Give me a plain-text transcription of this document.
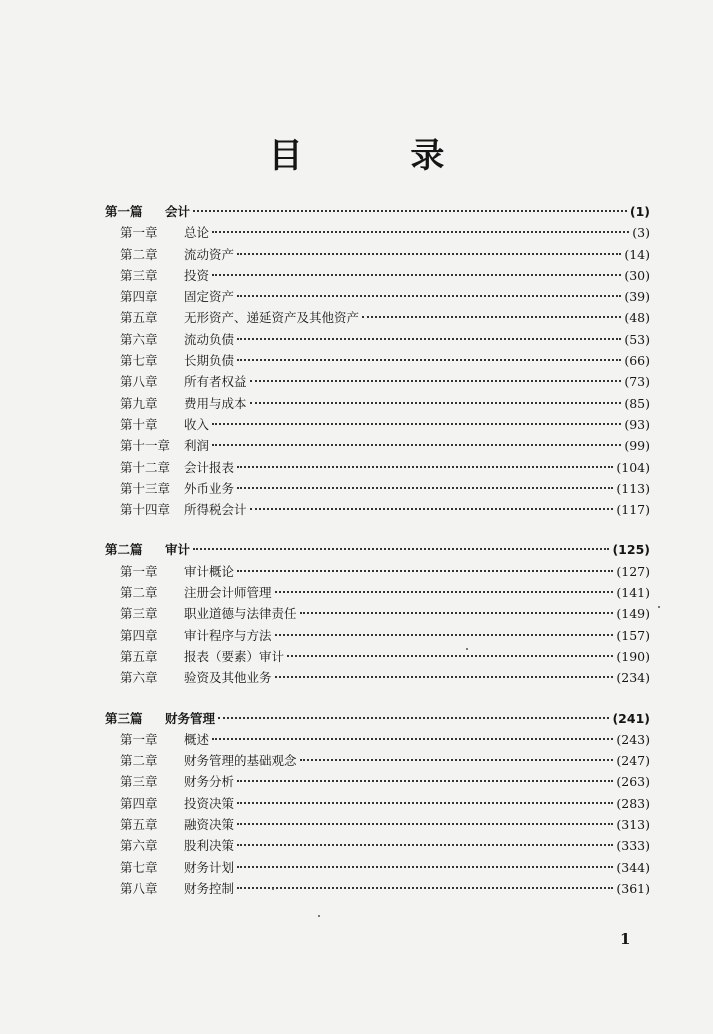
目 录
第一篇	会计	(1)
第一章	总论	(3)
第二章	流动资产	(14)
第三章	投资	(30)
第四章	固定资产	(39)
第五章	无形资产、递延资产及其他资产	(48)
第六章	流动负债	(53)
第七章	长期负债	(66)
第八章	所有者权益	(73)
第九章	费用与成本	(85)
第十章	收入	(93)
第十一章	利润	(99)
第十二章	会计报表	(104)
第十三章	外币业务	(113)
第十四章	所得税会计	(117)
第二篇	审计	(125)
第一章	审计概论	(127)
第二章	注册会计师管理	(141)
第三章	职业道德与法律责任	(149)
第四章	审计程序与方法	(157)
第五章	报表（要素）审计	(190)
第六章	验资及其他业务	(234)
第三篇	财务管理	(241)
第一章	概述	(243)
第二章	财务管理的基础观念	(247)
第三章	财务分析	(263)
第四章	投资决策	(283)
第五章	融资决策	(313)
第六章	股利决策	(333)
第七章	财务计划	(344)
第八章	财务控制	(361)
1
